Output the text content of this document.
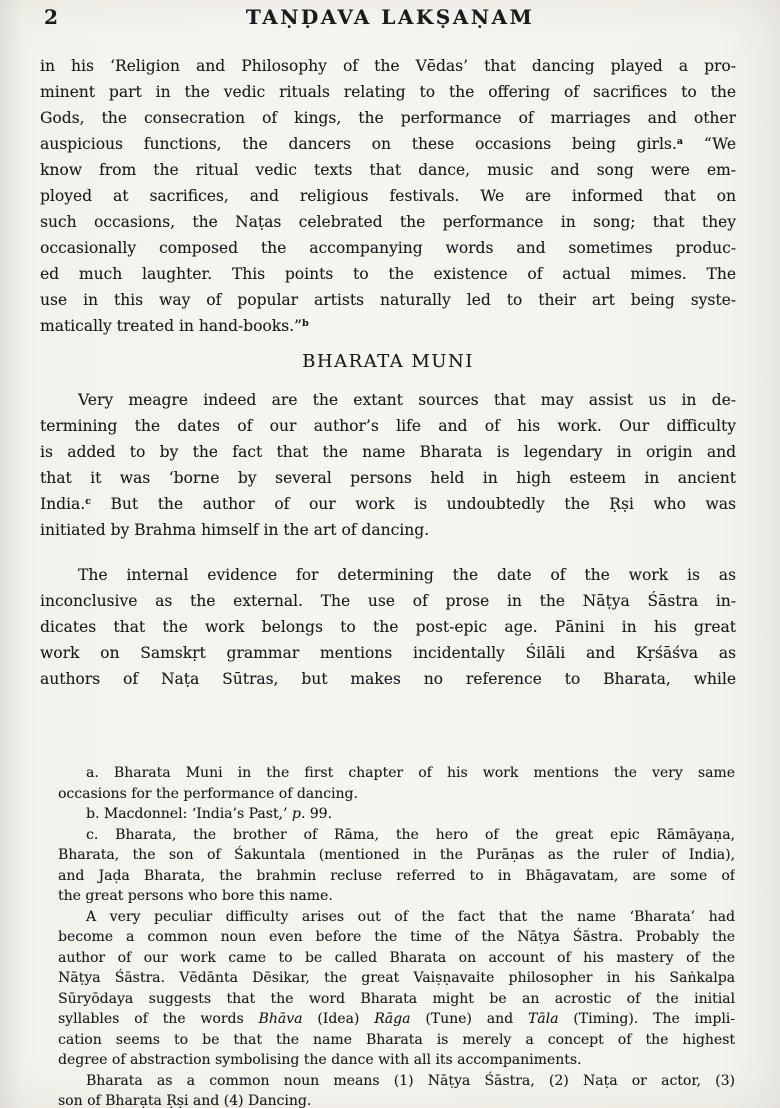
2	TAṆḌAVA LAKṢAṆAM
in his ‘Religion and Philosophy of the Vēdas’ that dancing played a pro-
minent part in the vedic rituals relating to the offering of sacrifices to the
Gods, the consecration of kings, the performance of marriages and other
auspicious functions, the dancers on these occasions being girls.$^a$ “We
know from the ritual vedic texts that dance, music and song were em-
ployed at sacrifices, and religious festivals. We are informed that on
such occasions, the Naṭas celebrated the performance in song; that they
occasionally composed the accompanying words and sometimes produc-
ed much laughter. This points to the existence of actual mimes. The
use in this way of popular artists naturally led to their art being syste-
matically treated in hand-books.”$^b$
BHARATA MUNI
Very meagre indeed are the extant sources that may assist us in de-
termining the dates of our author’s life and of his work. Our difficulty
is added to by the fact that the name Bharata is legendary in origin and
that it was ‘borne by several persons held in high esteem in ancient
India.$^c$ But the author of our work is undoubtedly the Ṛṣi who was
initiated by Brahma himself in the art of dancing.
The internal evidence for determining the date of the work is as
inconclusive as the external. The use of prose in the Nāṭya Śāstra in-
dicates that the work belongs to the post-epic age. Pānini in his great
work on Samskṛt grammar mentions incidentally Śilāli and Kṛśāśva as
authors of Naṭa Sūtras, but makes no reference to Bharata, while
a. Bharata Muni in the first chapter of his work mentions the very same
occasions for the performance of dancing.
b. Macdonnel: ‘India’s Past,’ p. 99.
c. Bharata, the brother of Rāma, the hero of the great epic Rāmāyaṇa,
Bharata, the son of Śakuntala (mentioned in the Purāṇas as the ruler of India),
and Jaḍa Bharata, the brahmin recluse referred to in Bhāgavatam, are some of
the great persons who bore this name.
A very peculiar difficulty arises out of the fact that the name ‘Bharata’ had
become a common noun even before the time of the Nāṭya Śāstra. Probably the
author of our work came to be called Bharata on account of his mastery of the
Nāṭya Śāstra. Vēdānta Dēsikar, the great Vaiṣṇavaite philosopher in his Saṅkalpa
Sūryōdaya suggests that the word Bharata might be an acrostic of the initial
syllables of the words Bhāva (Idea) Rāga (Tune) and Tāla (Timing). The impli-
cation seems to be that the name Bharata is merely a concept of the highest
degree of abstraction symbolising the dance with all its accompaniments.
Bharata as a common noun means (1) Nāṭya Śāstra, (2) Naṭa or actor, (3)
son of Bharạta Ṛṣi and (4) Dancing.
